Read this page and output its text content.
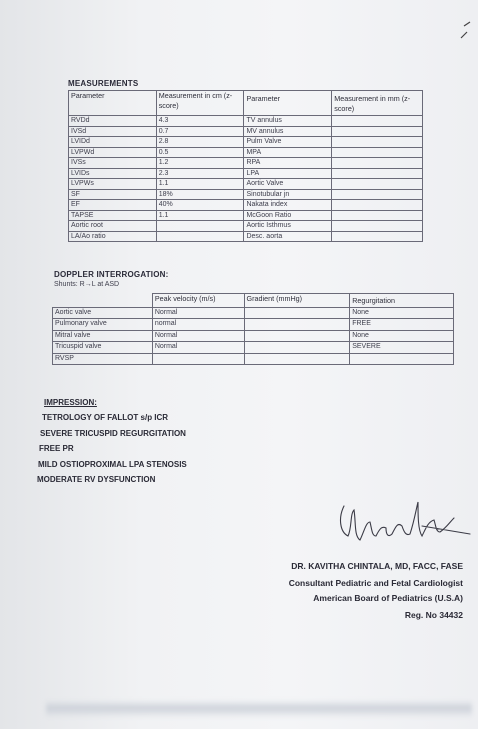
MEASUREMENTS
Parameter	Measurement in cm (z-score)	Parameter	Measurement in mm (z-score)
RVDd	4.3	TV annulus	
IVSd	0.7	MV annulus	
LVIDd	2.8	Pulm Valve	
LVPWd	0.5	MPA	
IVSs	1.2	RPA	
LVIDs	2.3	LPA	
LVPWs	1.1	Aortic Valve	
SF	18%	Sinotubular jn	
EF	40%	Nakata index	
TAPSE	1.1	McGoon Ratio	
Aortic root		Aortic Isthmus	
LA/Ao ratio		Desc. aorta	
DOPPLER INTERROGATION:
Shunts: R→L at ASD
	Peak velocity (m/s)	Gradient (mmHg)	Regurgitation
Aortic valve	Normal		None
Pulmonary valve	normal		FREE
Mitral valve	Normal		None
Tricuspid valve	Normal		SEVERE
RVSP			
IMPRESSION:
TETROLOGY OF FALLOT s/p ICR
SEVERE TRICUSPID REGURGITATION
FREE PR
MILD OSTIOPROXIMAL LPA STENOSIS
MODERATE RV DYSFUNCTION
DR. KAVITHA CHINTALA, MD, FACC, FASE
Consultant Pediatric and Fetal Cardiologist
American Board of Pediatrics (U.S.A)
Reg. No 34432
